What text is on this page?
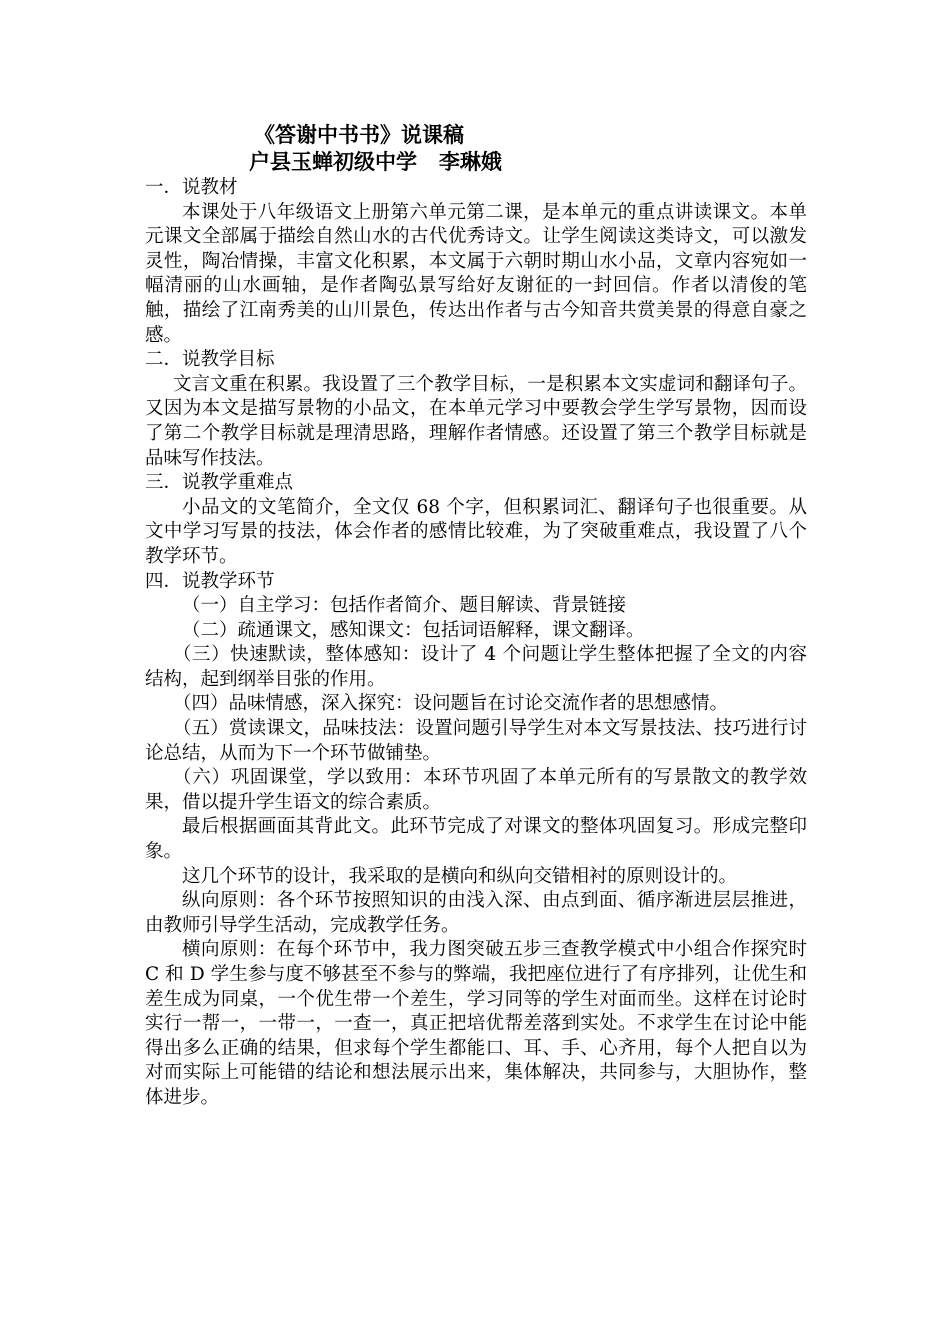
《答谢中书书》说课稿

户县玉蝉初级中学   李琳娥

一．说教材

本课处于八年级语文上册第六单元第二课，是本单元的重点讲读课文。本单元课文全部属于描绘自然山水的古代优秀诗文。让学生阅读这类诗文，可以激发灵性，陶冶情操，丰富文化积累，本文属于六朝时期山水小品，文章内容宛如一幅清丽的山水画轴，是作者陶弘景写给好友谢征的一封回信。作者以清俊的笔触，描绘了江南秀美的山川景色，传达出作者与古今知音共赏美景的得意自豪之感。

二．说教学目标

文言文重在积累。我设置了三个教学目标，一是积累本文实虚词和翻译句子。又因为本文是描写景物的小品文，在本单元学习中要教会学生学写景物，因而设了第二个教学目标就是理清思路，理解作者情感。还设置了第三个教学目标就是品味写作技法。

三．说教学重难点

小品文的文笔简介，全文仅 68 个字，但积累词汇、翻译句子也很重要。从文中学习写景的技法，体会作者的感情比较难，为了突破重难点，我设置了八个教学环节。

四．说教学环节

（一）自主学习：包括作者简介、题目解读、背景链接

（二）疏通课文，感知课文：包括词语解释，课文翻译。

（三）快速默读，整体感知：设计了 4 个问题让学生整体把握了全文的内容结构，起到纲举目张的作用。

（四）品味情感，深入探究：设问题旨在讨论交流作者的思想感情。

（五）赏读课文，品味技法：设置问题引导学生对本文写景技法、技巧进行讨论总结，从而为下一个环节做铺垫。

（六）巩固课堂，学以致用：本环节巩固了本单元所有的写景散文的教学效果，借以提升学生语文的综合素质。

最后根据画面其背此文。此环节完成了对课文的整体巩固复习。形成完整印象。

这几个环节的设计，我采取的是横向和纵向交错相衬的原则设计的。

纵向原则：各个环节按照知识的由浅入深、由点到面、循序渐进层层推进，由教师引导学生活动，完成教学任务。

横向原则：在每个环节中，我力图突破五步三查教学模式中小组合作探究时 C 和 D 学生参与度不够甚至不参与的弊端，我把座位进行了有序排列，让优生和差生成为同桌，一个优生带一个差生，学习同等的学生对面而坐。这样在讨论时实行一帮一，一带一，一查一，真正把培优帮差落到实处。不求学生在讨论中能得出多么正确的结果，但求每个学生都能口、耳、手、心齐用，每个人把自以为对而实际上可能错的结论和想法展示出来，集体解决，共同参与，大胆协作，整体进步。
